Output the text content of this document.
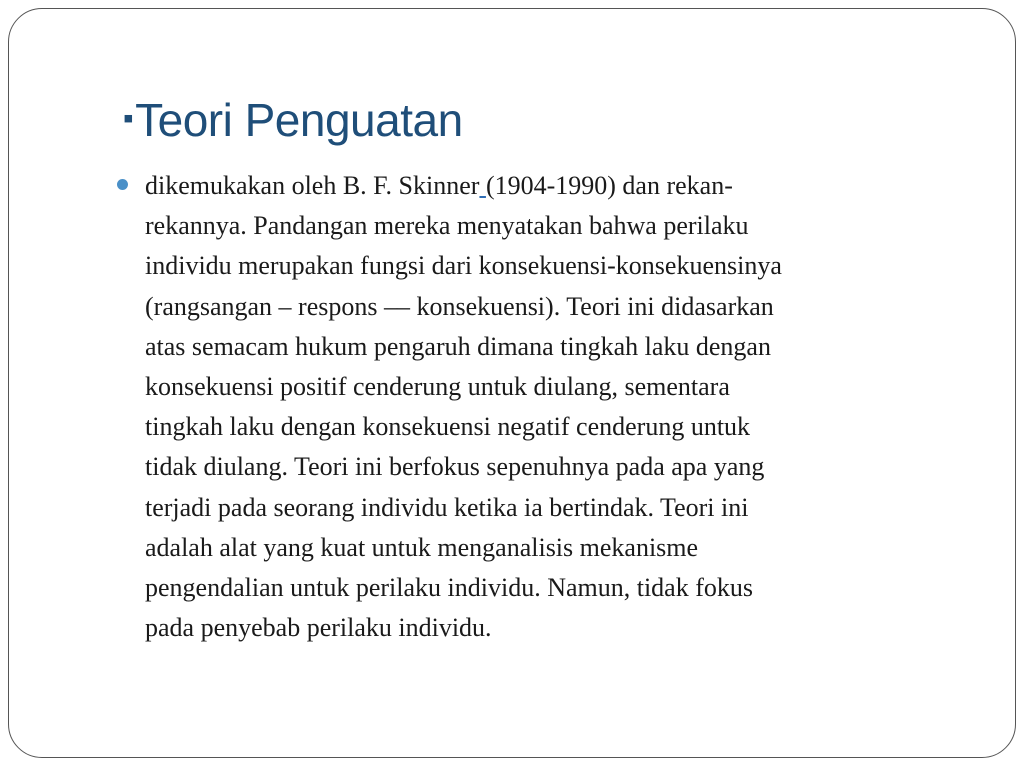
▪Teori Penguatan

dikemukakan oleh B. F. Skinner (1904-1990) dan rekan-
rekannya. Pandangan mereka menyatakan bahwa perilaku
individu merupakan fungsi dari konsekuensi-konsekuensinya
(rangsangan – respons –– konsekuensi). Teori ini didasarkan
atas semacam hukum pengaruh dimana tingkah laku dengan
konsekuensi positif cenderung untuk diulang, sementara
tingkah laku dengan konsekuensi negatif cenderung untuk
tidak diulang. Teori ini berfokus sepenuhnya pada apa yang
terjadi pada seorang individu ketika ia bertindak. Teori ini
adalah alat yang kuat untuk menganalisis mekanisme
pengendalian untuk perilaku individu. Namun, tidak fokus
pada penyebab perilaku individu.
